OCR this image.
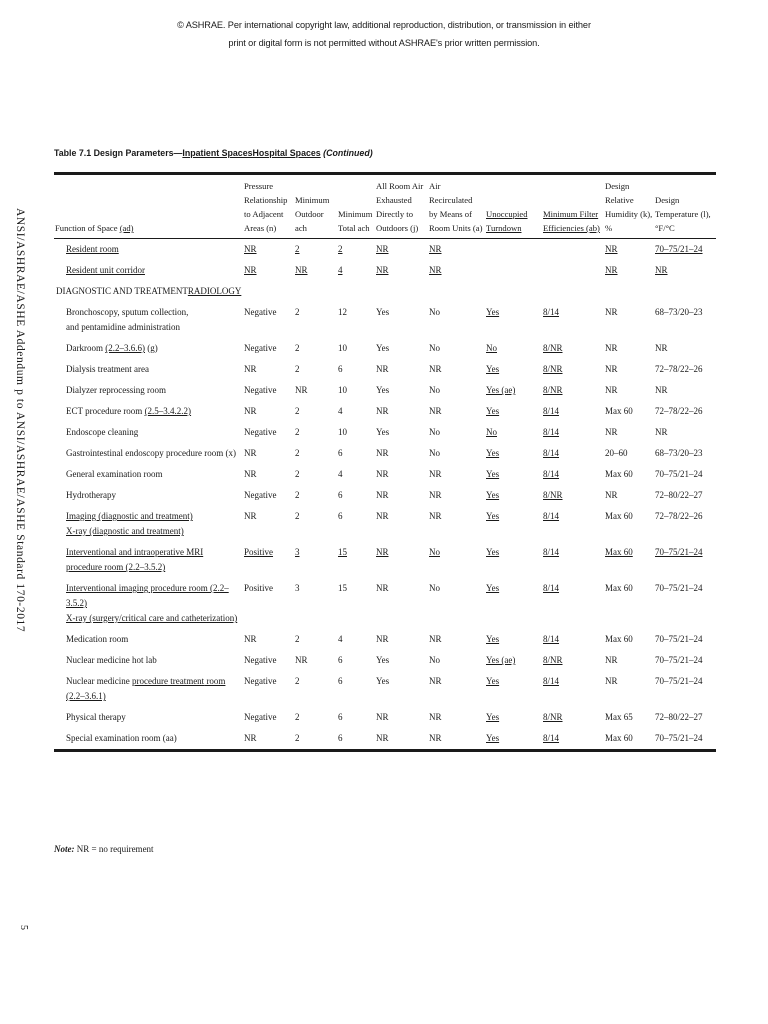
© ASHRAE. Per international copyright law, additional reproduction, distribution, or transmission in either
print or digital form is not permitted without ASHRAE's prior written permission.
ANSI/ASHRAE/ASHE Addendum p to ANSI/ASHRAE/ASHE Standard 170-2017
5
Table 7.1 Design Parameters—Inpatient SpacesHospital Spaces (Continued)
Function of Space (ad)	Pressure
Relationship
to Adjacent
Areas (n)	Minimum
Outdoor
ach	Minimum
Total ach	All Room Air
Exhausted
Directly to
Outdoors (j)	Air
Recirculated
by Means of
Room Units (a)	Unoccupied
Turndown	Minimum Filter
Efficiencies (ab)	Design
Relative
Humidity (k),
%	Design
Temperature (l),
°F/°C
Resident room	NR	2	2	NR	NR			NR	70–75/21–24
Resident unit corridor	NR	NR	4	NR	NR			NR	NR
DIAGNOSTIC AND TREATMENTRADIOLOGY									
Bronchoscopy, sputum collection,
and pentamidine administration	Negative	2	12	Yes	No	Yes	8/14	NR	68–73/20–23
Darkroom (2.2–3.6.6) (g)	Negative	2	10	Yes	No	No	8/NR	NR	NR
Dialysis treatment area	NR	2	6	NR	NR	Yes	8/NR	NR	72–78/22–26
Dialyzer reprocessing room	Negative	NR	10	Yes	No	Yes (ae)	8/NR	NR	NR
ECT procedure room (2.5–3.4.2.2)	NR	2	4	NR	NR	Yes	8/14	Max 60	72–78/22–26
Endoscope cleaning	Negative	2	10	Yes	No	No	8/14	NR	NR
Gastrointestinal endoscopy procedure room (x)	NR	2	6	NR	No	Yes	8/14	20–60	68–73/20–23
General examination room	NR	2	4	NR	NR	Yes	8/14	Max 60	70–75/21–24
Hydrotherapy	Negative	2	6	NR	NR	Yes	8/NR	NR	72–80/22–27
Imaging (diagnostic and treatment)
X-ray (diagnostic and treatment)	NR	2	6	NR	NR	Yes	8/14	Max 60	72–78/22–26
Interventional and intraoperative MRI
procedure room (2.2–3.5.2)	Positive	3	15	NR	No	Yes	8/14	Max 60	70–75/21–24
Interventional imaging procedure room (2.2–3.5.2)
X-ray (surgery/critical care and catheterization)	Positive	3	15	NR	No	Yes	8/14	Max 60	70–75/21–24
Medication room	NR	2	4	NR	NR	Yes	8/14	Max 60	70–75/21–24
Nuclear medicine hot lab	Negative	NR	6	Yes	No	Yes (ae)	8/NR	NR	70–75/21–24
Nuclear medicine procedure treatment room
(2.2–3.6.1)	Negative	2	6	Yes	NR	Yes	8/14	NR	70–75/21–24
Physical therapy	Negative	2	6	NR	NR	Yes	8/NR	Max 65	72–80/22–27
Special examination room (aa)	NR	2	6	NR	NR	Yes	8/14	Max 60	70–75/21–24
Note: NR = no requirement
